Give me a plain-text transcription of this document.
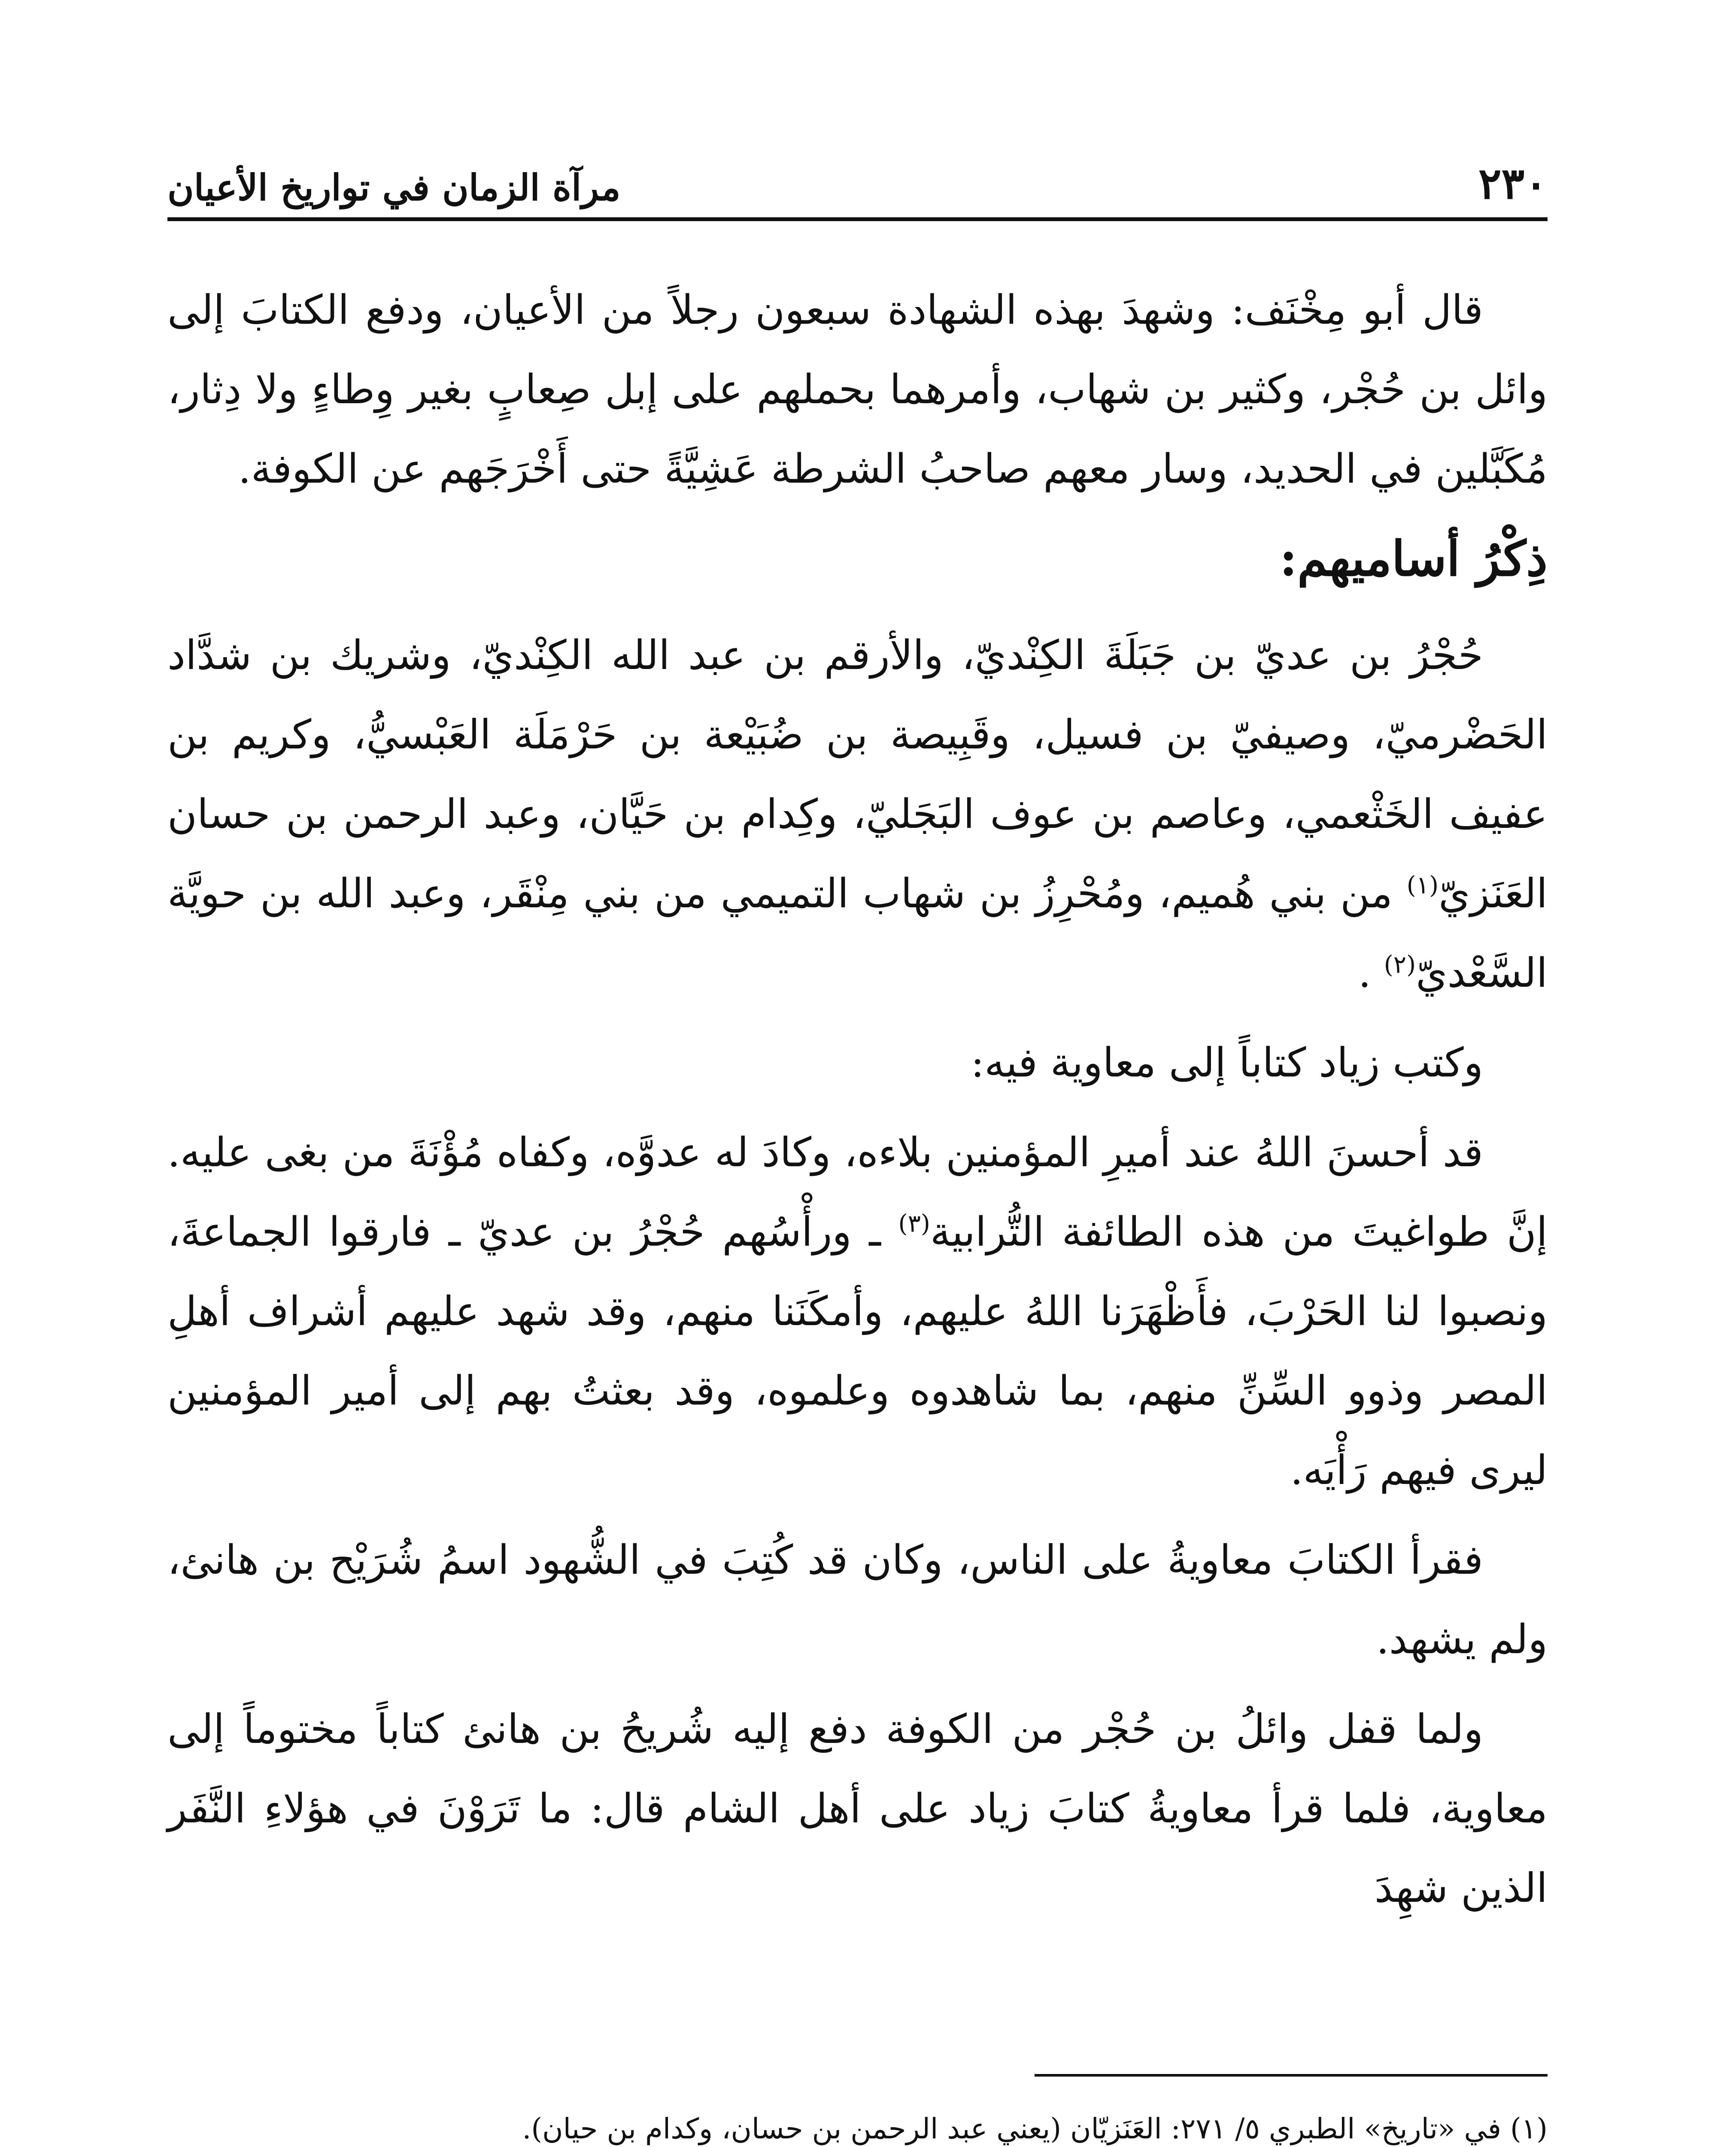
٢٣٠
مرآة الزمان في تواريخ الأعيان

قال أبو مِخْنَف: وشهدَ بهذه الشهادة سبعون رجلاً من الأعيان، ودفع الكتابَ إلى وائل بن حُجْر، وكثير بن شهاب، وأمرهما بحملهم على إبل صِعابٍ بغير وِطاءٍ ولا دِثار، مُكَبَّلين في الحديد، وسار معهم صاحبُ الشرطة عَشِيَّةً حتى أَخْرَجَهم عن الكوفة.

ذِكْرُ أساميهم:

حُجْرُ بن عديّ بن جَبَلَةَ الكِنْديّ، والأرقم بن عبد الله الكِنْديّ، وشريك بن شدَّاد الحَضْرميّ، وصيفيّ بن فسيل، وقَبِيصة بن ضُبَيْعة بن حَرْمَلَة العَبْسيُّ، وكريم بن عفيف الخَثْعمي، وعاصم بن عوف البَجَليّ، وكِدام بن حَيَّان، وعبد الرحمن بن حسان العَنَزيّ$^{(١)}$ من بني هُميم، ومُحْرِزُ بن شهاب التميمي من بني مِنْقَر، وعبد الله بن حويَّة السَّعْديّ$^{(٢)}$ .

وكتب زياد كتاباً إلى معاوية فيه:

قد أحسنَ اللهُ عند أميرِ المؤمنين بلاءه، وكادَ له عدوَّه، وكفاه مُؤْنَةَ من بغى عليه. إنَّ طواغيتَ من هذه الطائفة التُّرابية$^{(٣)}$ ـ ورأْسُهم حُجْرُ بن عديّ ـ فارقوا الجماعةَ، ونصبوا لنا الحَرْبَ، فأَظْهَرَنا اللهُ عليهم، وأمكَنَنا منهم، وقد شهد عليهم أشراف أهلِ المصر وذوو السِّنِّ منهم، بما شاهدوه وعلموه، وقد بعثتُ بهم إلى أمير المؤمنين ليرى فيهم رَأْيَه.

فقرأ الكتابَ معاويةُ على الناس، وكان قد كُتِبَ في الشُّهود اسمُ شُرَيْح بن هانئ، ولم يشهد.

ولما قفل وائلُ بن حُجْر من الكوفة دفع إليه شُريحُ بن هانئ كتاباً مختوماً إلى معاوية، فلما قرأ معاويةُ كتابَ زياد على أهل الشام قال: ما تَرَوْنَ في هؤلاءِ النَّفَر الذين شهِدَ

(١) في «تاريخ» الطبري ٥/ ٢٧١: العَنَزيّان (يعني عبد الرحمن بن حسان، وكدام بن حيان).
